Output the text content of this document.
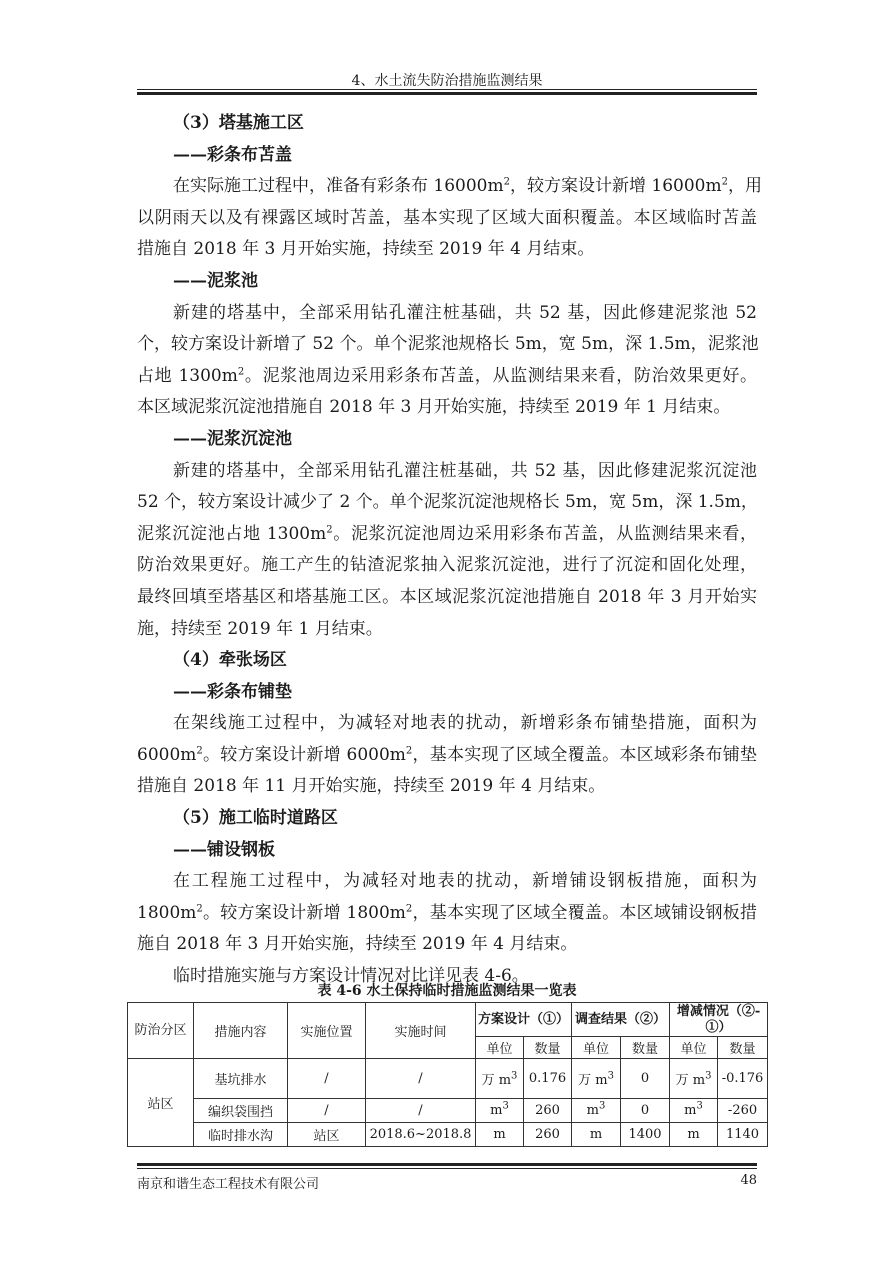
4、水土流失防治措施监测结果
（3）塔基施工区
——彩条布苫盖
在实际施工过程中，准备有彩条布 $16000m^2$，较方案设计新增 $16000m^2$，用
以阴雨天以及有裸露区域时苫盖，基本实现了区域大面积覆盖。本区域临时苫盖
措施自 2018 年 3 月开始实施，持续至 2019 年 4 月结束。
——泥浆池
新建的塔基中，全部采用钻孔灌注桩基础，共 52 基，因此修建泥浆池 52
个，较方案设计新增了 52 个。单个泥浆池规格长 5m，宽 5m，深 1.5m，泥浆池
占地 $1300m^2$。泥浆池周边采用彩条布苫盖，从监测结果来看，防治效果更好。
本区域泥浆沉淀池措施自 2018 年 3 月开始实施，持续至 2019 年 1 月结束。
——泥浆沉淀池
新建的塔基中，全部采用钻孔灌注桩基础，共 52 基，因此修建泥浆沉淀池
52 个，较方案设计减少了 2 个。单个泥浆沉淀池规格长 5m，宽 5m，深 1.5m，
泥浆沉淀池占地 $1300m^2$。泥浆沉淀池周边采用彩条布苫盖，从监测结果来看，
防治效果更好。施工产生的钻渣泥浆抽入泥浆沉淀池，进行了沉淀和固化处理，
最终回填至塔基区和塔基施工区。本区域泥浆沉淀池措施自 2018 年 3 月开始实
施，持续至 2019 年 1 月结束。
（4）牵张场区
——彩条布铺垫
在架线施工过程中，为减轻对地表的扰动，新增彩条布铺垫措施，面积为
$6000m^2$。较方案设计新增 $6000m^2$，基本实现了区域全覆盖。本区域彩条布铺垫
措施自 2018 年 11 月开始实施，持续至 2019 年 4 月结束。
（5）施工临时道路区
——铺设钢板
在工程施工过程中，为减轻对地表的扰动，新增铺设钢板措施，面积为
$1800m^2$。较方案设计新增 $1800m^2$，基本实现了区域全覆盖。本区域铺设钢板措
施自 2018 年 3 月开始实施，持续至 2019 年 4 月结束。
临时措施实施与方案设计情况对比详见表 4-6。
表 4-6 水土保持临时措施监测结果一览表
防治分区	措施内容	实施位置	实施时间	方案设计（①）		调查结果（②）		增减情况（②-①）	
				单位	数量	单位	数量	单位	数量
站区	基坑排水	/	/	万 $m^3$	0.176	万 $m^3$	0	万 $m^3$	-0.176
	编织袋围挡	/	/	$m^3$	260	$m^3$	0	$m^3$	-260
	临时排水沟	站区	2018.6~2018.8	m	260	m	1400	m	1140
南京和谐生态工程技术有限公司	48
